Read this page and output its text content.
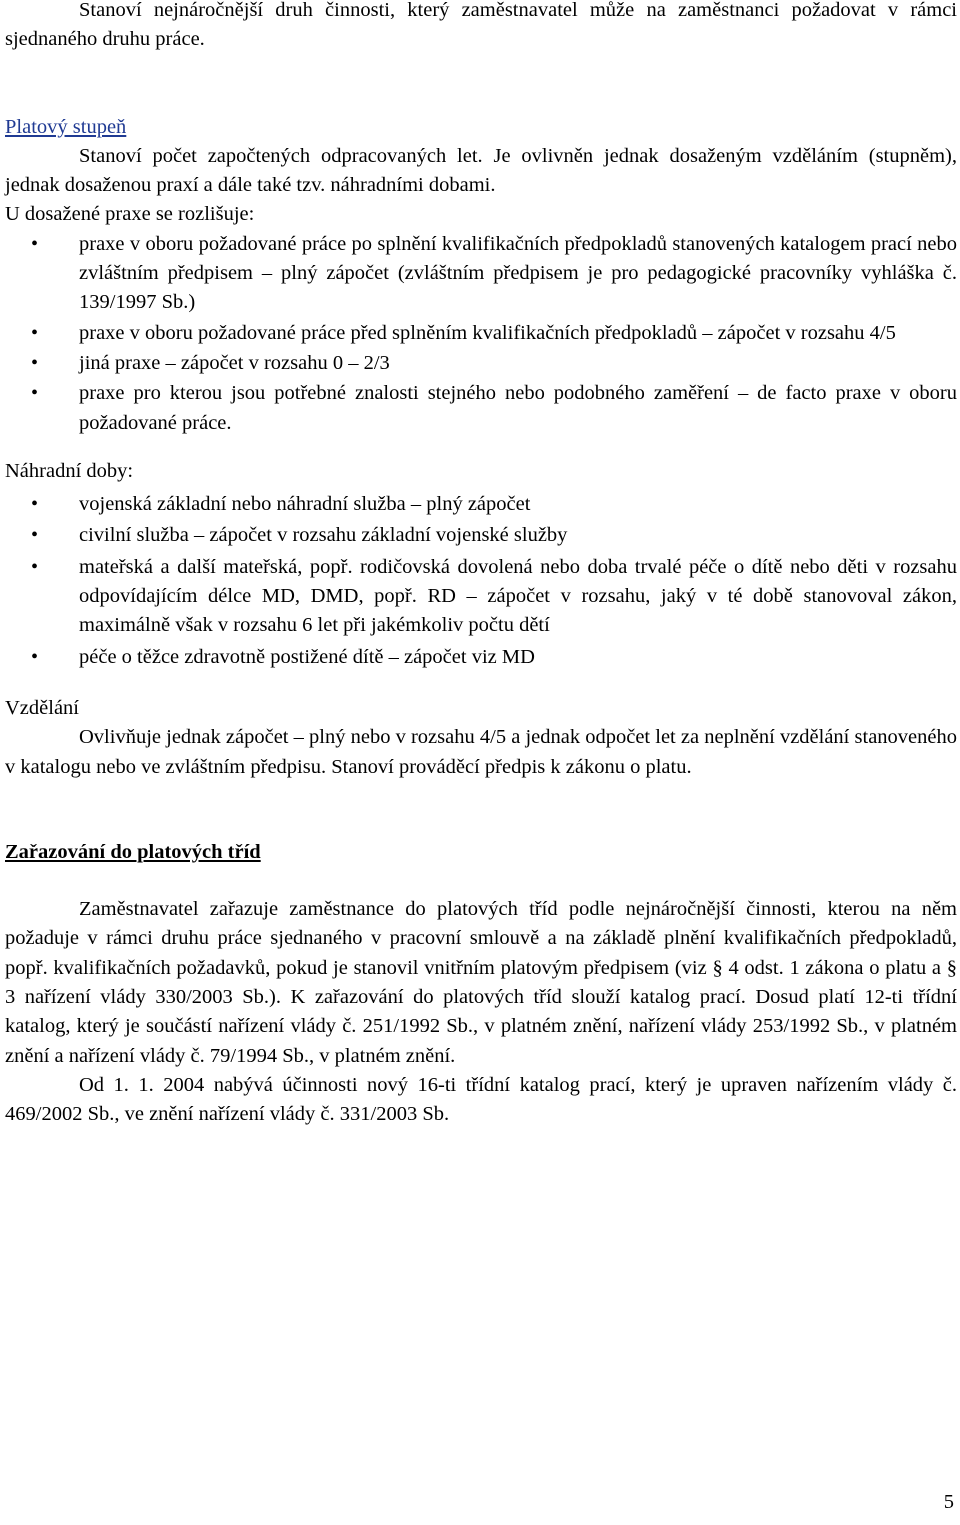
Stanoví nejnáročnější druh činnosti, který zaměstnavatel může na zaměstnanci požadovat v rámci sjednaného druhu práce.

Platový stupeň

Stanoví počet započtených odpracovaných let. Je ovlivněn jednak dosaženým vzděláním (stupněm), jednak dosaženou praxí a dále také tzv. náhradními dobami.

U dosažené praxe se rozlišuje:

• praxe v oboru požadované práce po splnění kvalifikačních předpokladů stanovených katalogem prací nebo zvláštním předpisem – plný zápočet (zvláštním předpisem je pro pedagogické pracovníky vyhláška č. 139/1997 Sb.)
• praxe v oboru požadované práce před splněním kvalifikačních předpokladů – zápočet v rozsahu 4/5
• jiná praxe – zápočet v rozsahu 0 – 2/3
• praxe pro kterou jsou potřebné znalosti stejného nebo podobného zaměření – de facto praxe v oboru požadované práce.

Náhradní doby:

• vojenská základní nebo náhradní služba – plný zápočet
• civilní služba – zápočet v rozsahu základní vojenské služby
• mateřská a další mateřská, popř. rodičovská dovolená nebo doba trvalé péče o dítě nebo děti v rozsahu odpovídajícím délce MD, DMD, popř. RD – zápočet v rozsahu, jaký v té době stanovoval zákon, maximálně však v rozsahu 6 let při jakémkoliv počtu dětí
• péče o těžce zdravotně postižené dítě – zápočet viz MD
Vzdělání

Ovlivňuje jednak zápočet – plný nebo v rozsahu 4/5 a jednak odpočet let za neplnění vzdělání stanoveného v katalogu nebo ve zvláštním předpisu. Stanoví prováděcí předpis k zákonu o platu.

Zařazování do platových tříd

Zaměstnavatel zařazuje zaměstnance do platových tříd podle nejnáročnější činnosti, kterou na něm požaduje v rámci druhu práce sjednaného v pracovní smlouvě a na základě plnění kvalifikačních předpokladů, popř. kvalifikačních požadavků, pokud je stanovil vnitřním platovým předpisem (viz § 4 odst. 1 zákona o platu a § 3 nařízení vlády 330/2003 Sb.). K zařazování do platových tříd slouží katalog prací. Dosud platí 12-ti třídní katalog, který je součástí nařízení vlády č. 251/1992 Sb., v platném znění, nařízení vlády 253/1992 Sb., v platném znění a nařízení vlády č. 79/1994 Sb., v platném znění.

Od 1. 1. 2004 nabývá účinnosti nový 16-ti třídní katalog prací, který je upraven nařízením vlády č. 469/2002 Sb., ve znění nařízení vlády č. 331/2003 Sb.

5
